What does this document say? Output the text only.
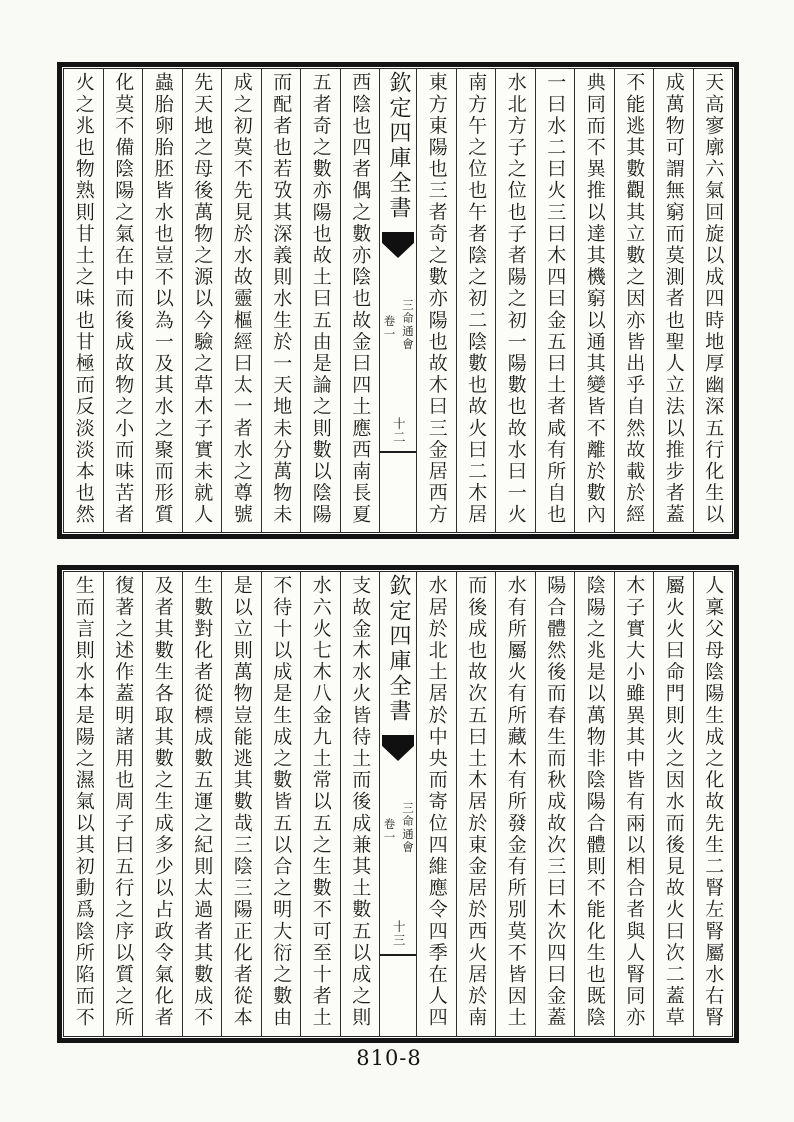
天高寥廓六氣回旋以成四時地厚幽深五行化生以
成萬物可謂無窮而莫測者也聖人立法以推步者蓋
不能逃其數觀其立數之因亦皆出乎自然故載於經
典同而不異推以達其機窮以通其變皆不離於數內
一曰水二曰火三曰木四曰金五曰土者咸有所自也
水北方子之位也子者陽之初一陽數也故水曰一火
南方午之位也午者陰之初二陰數也故火曰二木居
東方東陽也三者奇之數亦陽也故木曰三金居西方
欽定四庫全書
三命通會
卷一
十二
西陰也四者偶之數亦陰也故金曰四土應西南長夏
五者奇之數亦陽也故土曰五由是論之則數以陰陽
而配者也若攷其深義則水生於一天地未分萬物未
成之初莫不先見於水故靈樞經曰太一者水之尊號
先天地之母後萬物之源以今驗之草木子實未就人
蟲胎卵胎胚皆水也豈不以為一及其水之聚而形質
化莫不備陰陽之氣在中而後成故物之小而味苦者
火之兆也物熟則甘土之味也甘極而反淡淡本也然
人稟父母陰陽生成之化故先生二腎左腎屬水右腎
屬火火曰命門則火之因水而後見故火曰次二蓋草
木子實大小雖異其中皆有兩以相合者與人腎同亦
陰陽之兆是以萬物非陰陽合體則不能化生也既陰
陽合體然後而春生而秋成故次三曰木次四曰金蓋
水有所屬火有所藏木有所發金有所別莫不皆因土
而後成也故次五曰土木居於東金居於西火居於南
水居於北土居於中央而寄位四維應令四季在人四
欽定四庫全書
三命通會
卷一
十三
支故金木水火皆待土而後成兼其土數五以成之則
水六火七木八金九土常以五之生數不可至十者土
不待十以成是生成之數皆五以合之明大衍之數由
是以立則萬物豈能逃其數哉三陰三陽正化者從本
生數對化者從標成數五運之紀則太過者其數成不
及者其數生各取其數之生成多少以占政令氣化者
復著之述作蓋明諸用也周子曰五行之序以質之所
生而言則水本是陽之濕氣以其初動爲陰所陷而不
810-8
